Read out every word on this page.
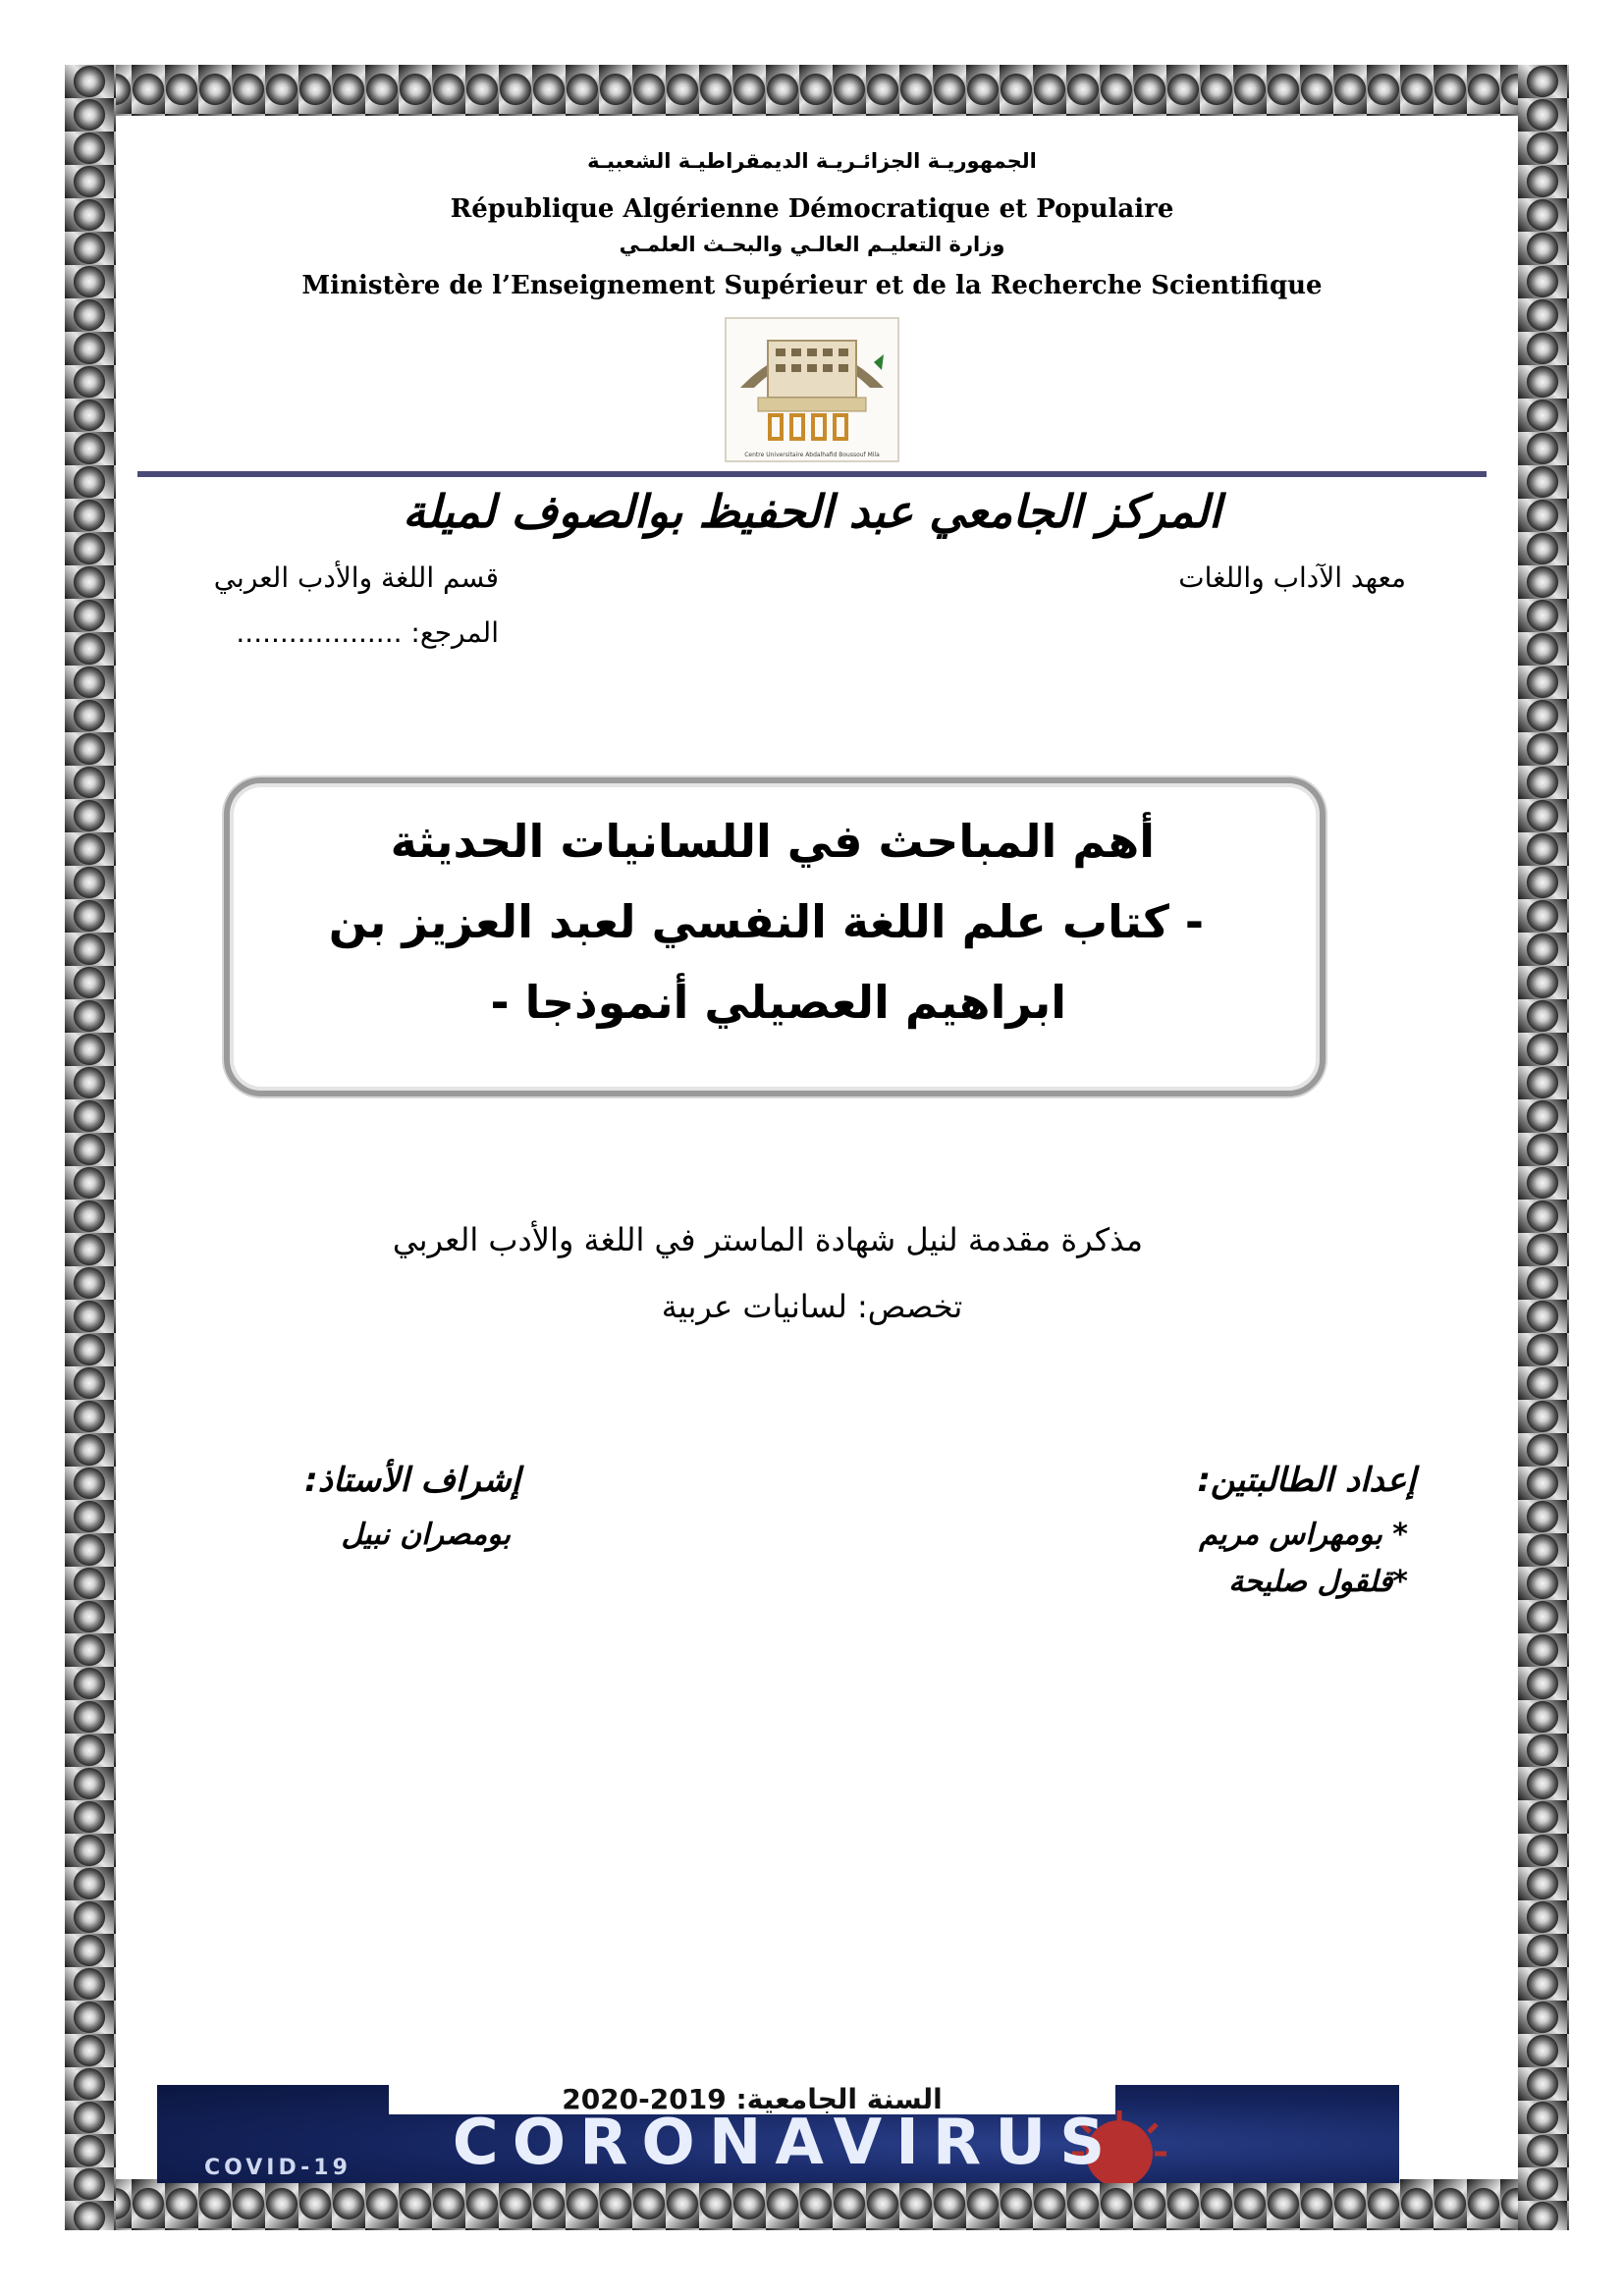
الجمهوريـة الجزائـريـة الديمقراطيـة الشعبيـة
République Algérienne Démocratique et Populaire
وزارة التعليـم العالـي والبحـث العلمـي
Ministère de l’Enseignement Supérieur et de la Recherche Scientifique
Centre Universitaire Abdalhafid Boussouf Mila
المركز الجامعي عبد الحفيظ بوالصوف لميلة
معهد الآداب واللغات
قسم اللغة والأدب العربي
المرجع: ...................
أهم المباحث في اللسانيات الحديثة
- كتاب علم اللغة النفسي لعبد العزيز بن
ابراهيم العصيلي أنموذجا -
مذكرة مقدمة لنيل شهادة الماستر في اللغة والأدب العربي
تخصص: لسانيات عربية
إعداد الطالبتين:
* بومهراس مريم
*قلقول صليحة
إشراف الأستاذ:
بومصران نبيل
السنة الجامعية: 2019-2020
CORONAVIRUS
COVID-19
